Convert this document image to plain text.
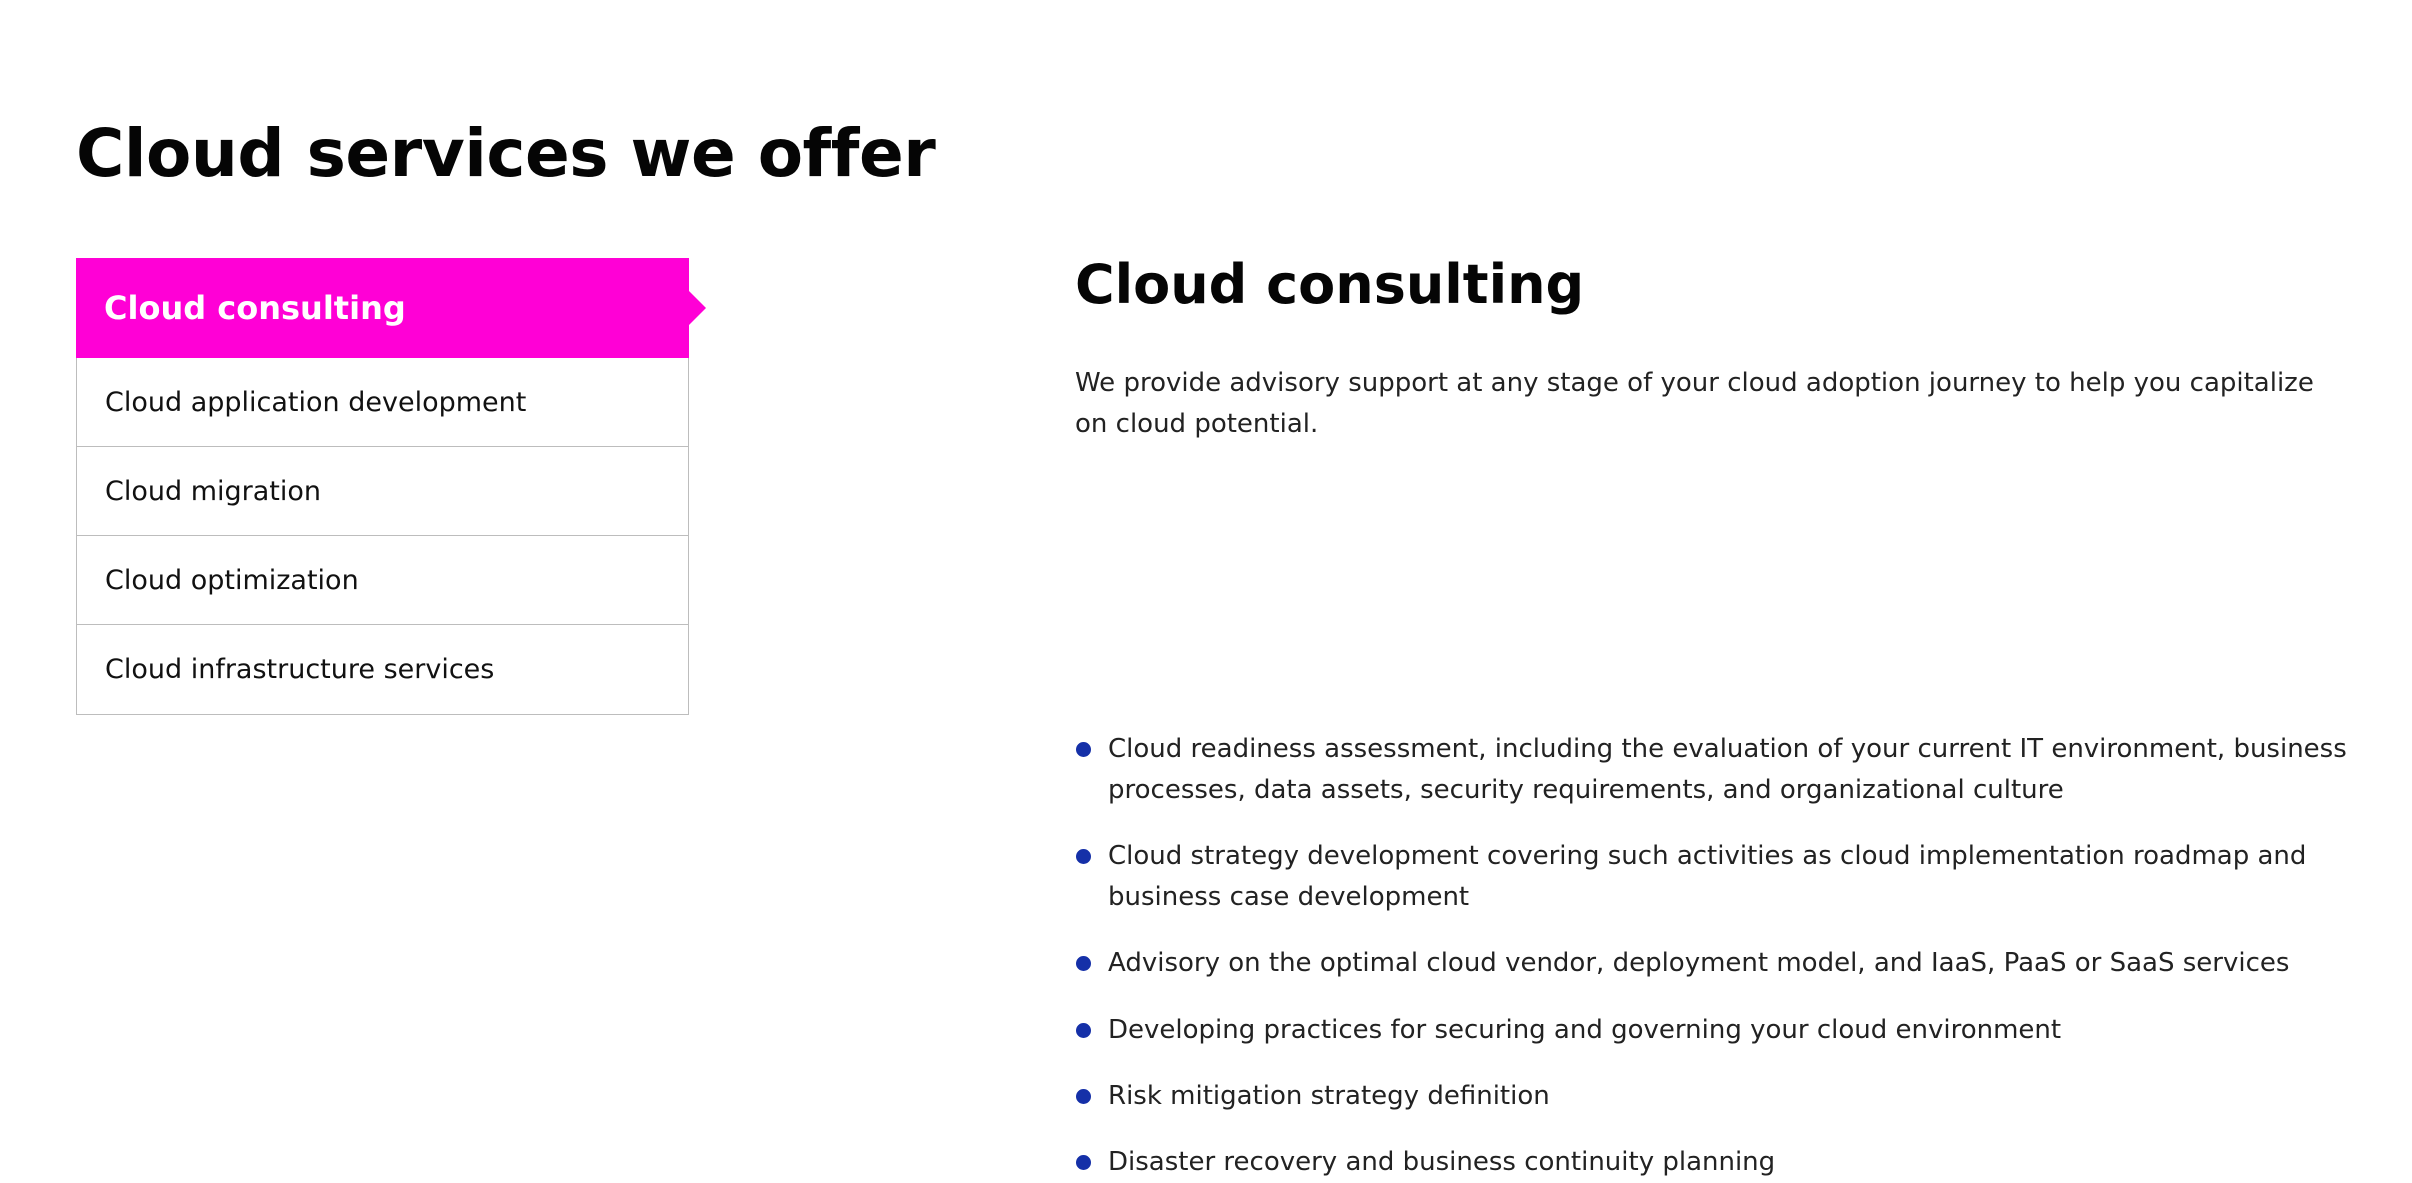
Cloud services we offer
Cloud consulting
Cloud application development
Cloud migration
Cloud optimization
Cloud infrastructure services
Cloud consulting

We provide advisory support at any stage of your cloud adoption journey to help you capitalize on cloud potential.

Cloud readiness assessment, including the evaluation of your current IT environment, business processes, data assets, security requirements, and organizational culture
Cloud strategy development covering such activities as cloud implementation roadmap and business case development
Advisory on the optimal cloud vendor, deployment model, and IaaS, PaaS or SaaS services
Developing practices for securing and governing your cloud environment
Risk mitigation strategy definition
Disaster recovery and business continuity planning
